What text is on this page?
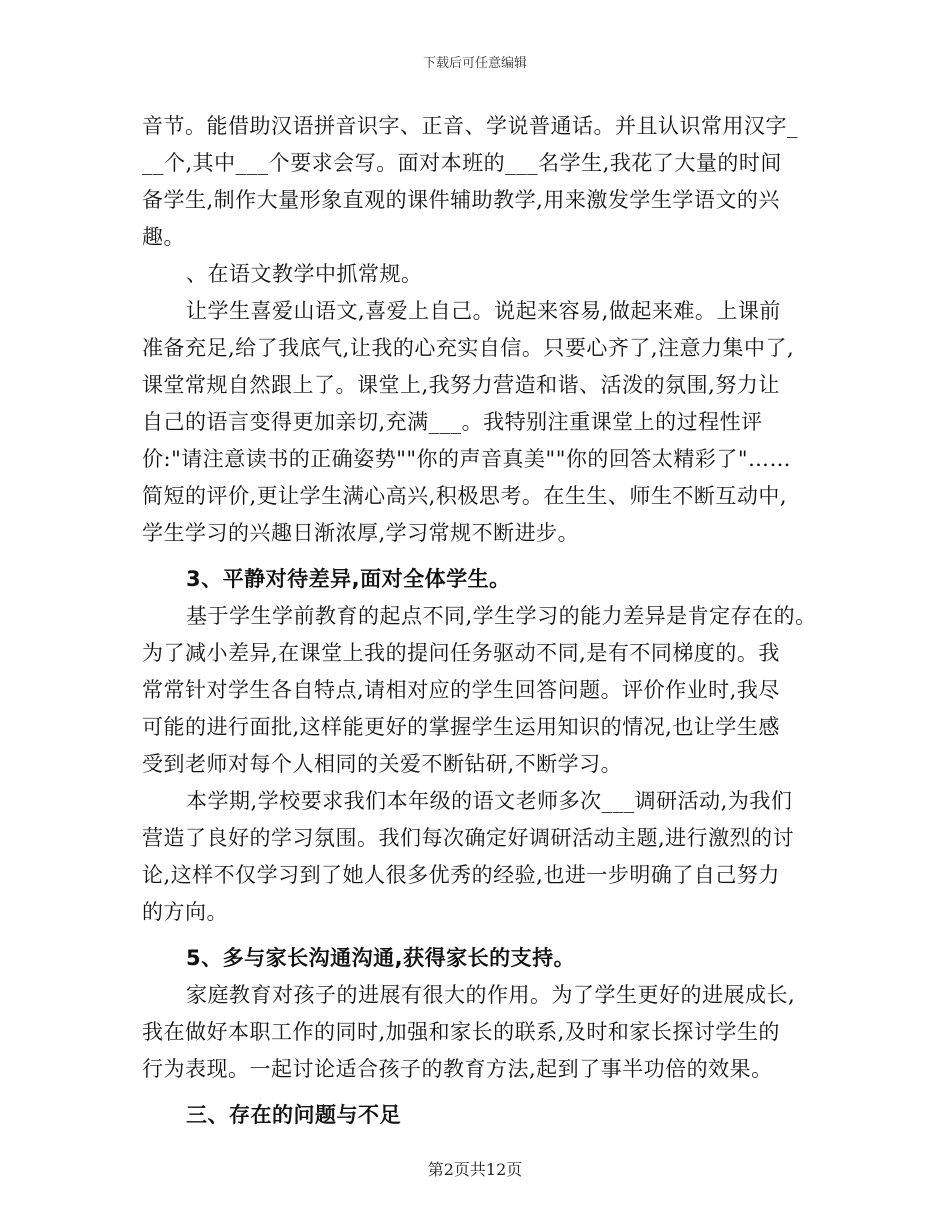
下载后可任意编辑
音节。能借助汉语拼音识字、正音、学说普通话。并且认识常用汉字_
__个,其中___个要求会写。面对本班的___名学生,我花了大量的时间
备学生,制作大量形象直观的课件辅助教学,用来激发学生学语文的兴
趣。
、在语文教学中抓常规。
让学生喜爱山语文,喜爱上自己。说起来容易,做起来难。上课前
准备充足,给了我底气,让我的心充实自信。只要心齐了,注意力集中了,
课堂常规自然跟上了。课堂上,我努力营造和谐、活泼的氛围,努力让
自己的语言变得更加亲切,充满___。我特别注重课堂上的过程性评
价:"请注意读书的正确姿势""你的声音真美""你的回答太精彩了"……
简短的评价,更让学生满心高兴,积极思考。在生生、师生不断互动中,
学生学习的兴趣日渐浓厚,学习常规不断进步。
3、平静对待差异,面对全体学生。
基于学生学前教育的起点不同,学生学习的能力差异是肯定存在的。
为了减小差异,在课堂上我的提问任务驱动不同,是有不同梯度的。我
常常针对学生各自特点,请相对应的学生回答问题。评价作业时,我尽
可能的进行面批,这样能更好的掌握学生运用知识的情况,也让学生感
受到老师对每个人相同的关爱不断钻研,不断学习。
本学期,学校要求我们本年级的语文老师多次___调研活动,为我们
营造了良好的学习氛围。我们每次确定好调研活动主题,进行激烈的讨
论,这样不仅学习到了她人很多优秀的经验,也进一步明确了自己努力
的方向。
5、多与家长沟通沟通,获得家长的支持。
家庭教育对孩子的进展有很大的作用。为了学生更好的进展成长,
我在做好本职工作的同时,加强和家长的联系,及时和家长探讨学生的
行为表现。一起讨论适合孩子的教育方法,起到了事半功倍的效果。
三、存在的问题与不足
第2页共12页
